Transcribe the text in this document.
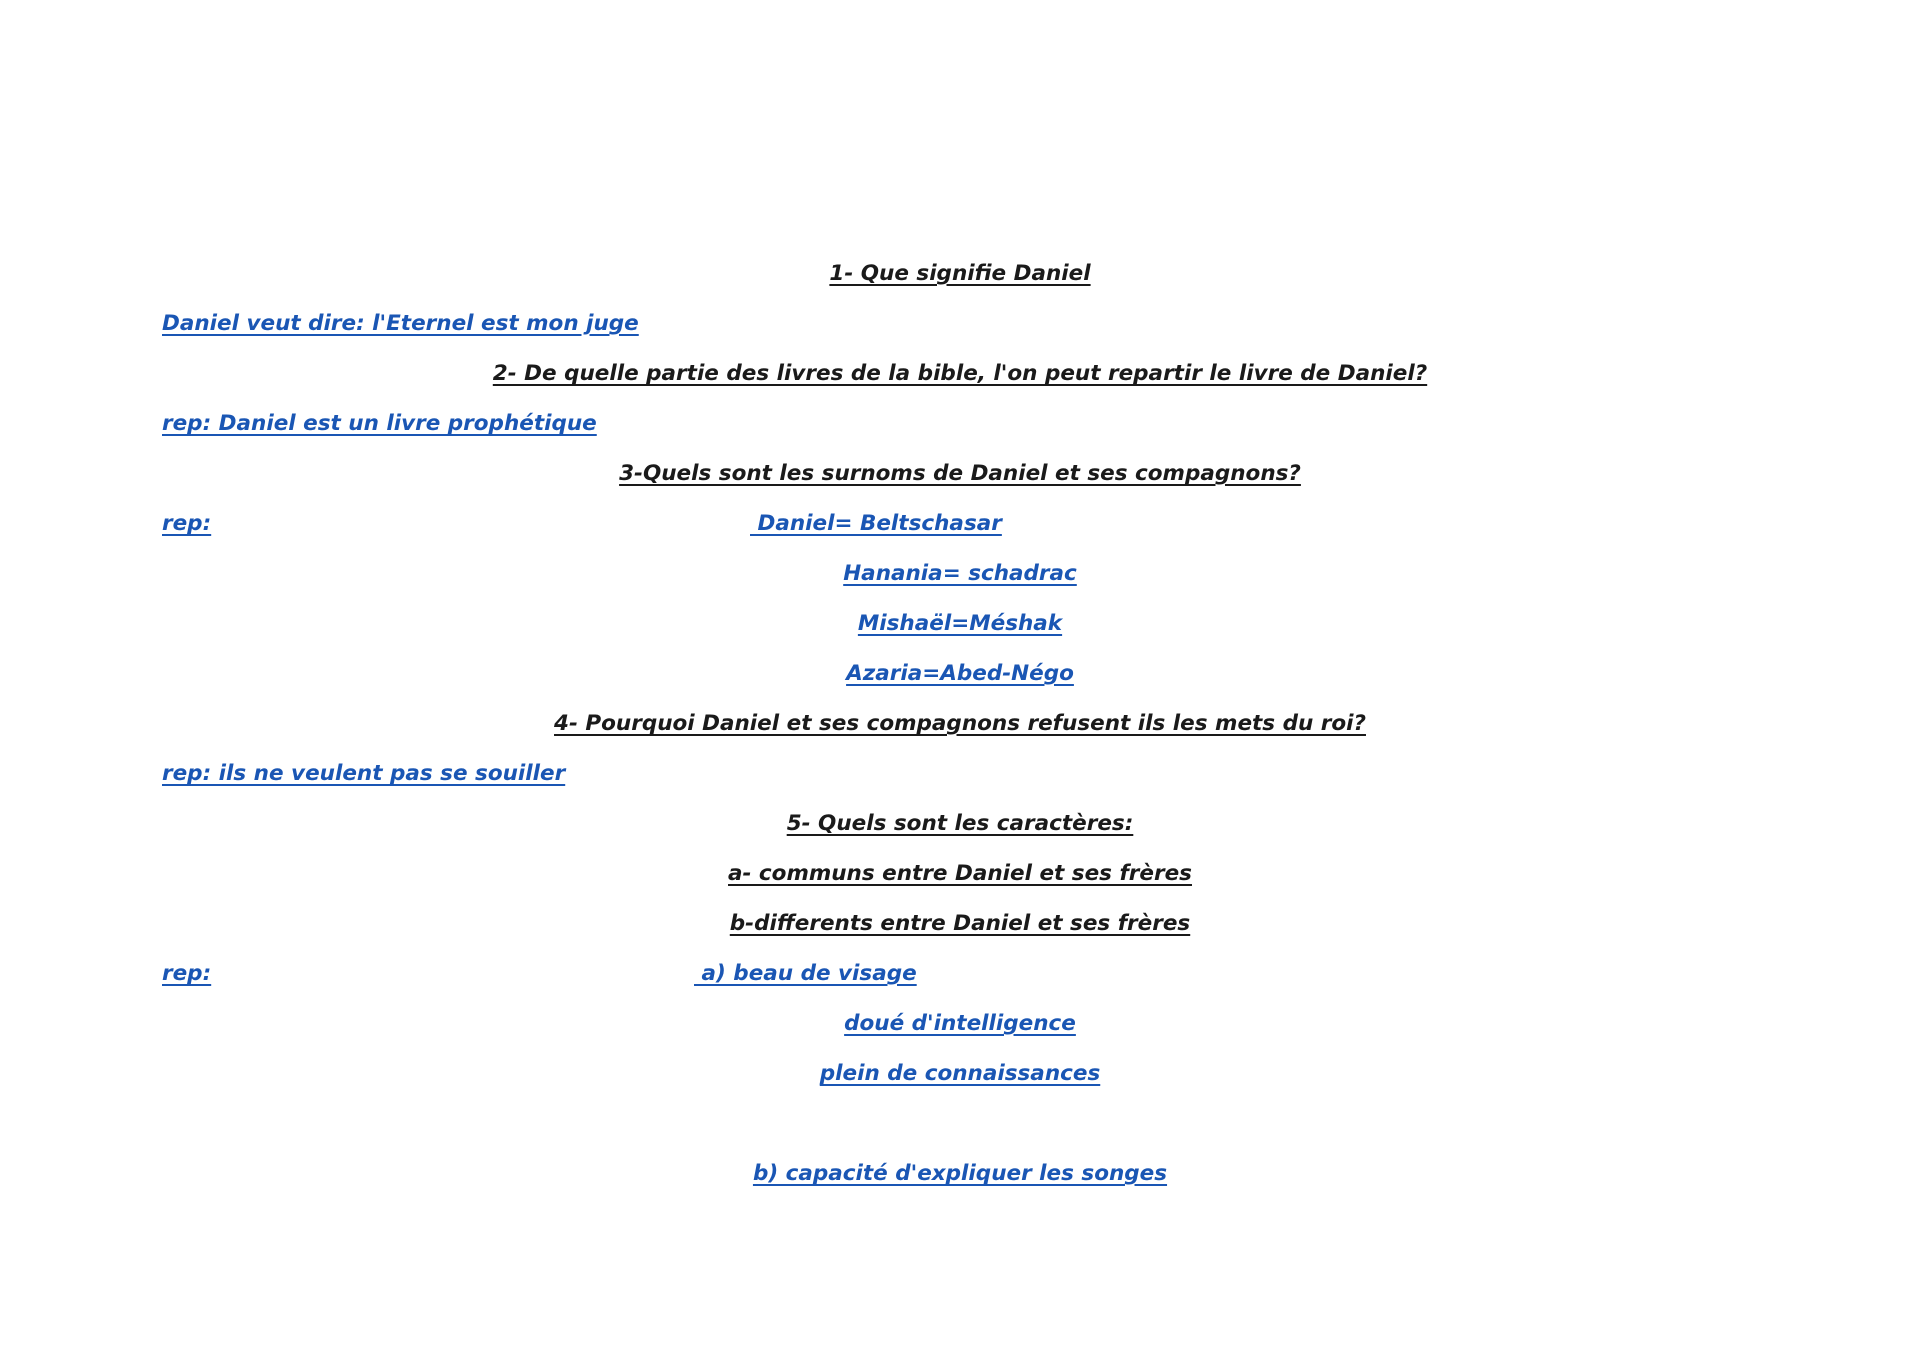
1- Que signifie Daniel
Daniel veut dire: l'Eternel est mon juge
2- De quelle partie des livres de la bible, l'on peut repartir le livre de Daniel?
rep: Daniel est un livre prophétique
3-Quels sont les surnoms de Daniel et ses compagnons?
rep:	Daniel= Beltschasar
Hanania= schadrac
Mishaël=Méshak
Azaria=Abed-Négo
4- Pourquoi Daniel et ses compagnons refusent ils les mets du roi?
rep: ils ne veulent pas se souiller
5- Quels sont les caractères:
a- communs entre Daniel et ses frères
b-differents entre Daniel et ses frères
rep:	a) beau de visage
doué d'intelligence
plein de connaissances
b) capacité d'expliquer les songes
